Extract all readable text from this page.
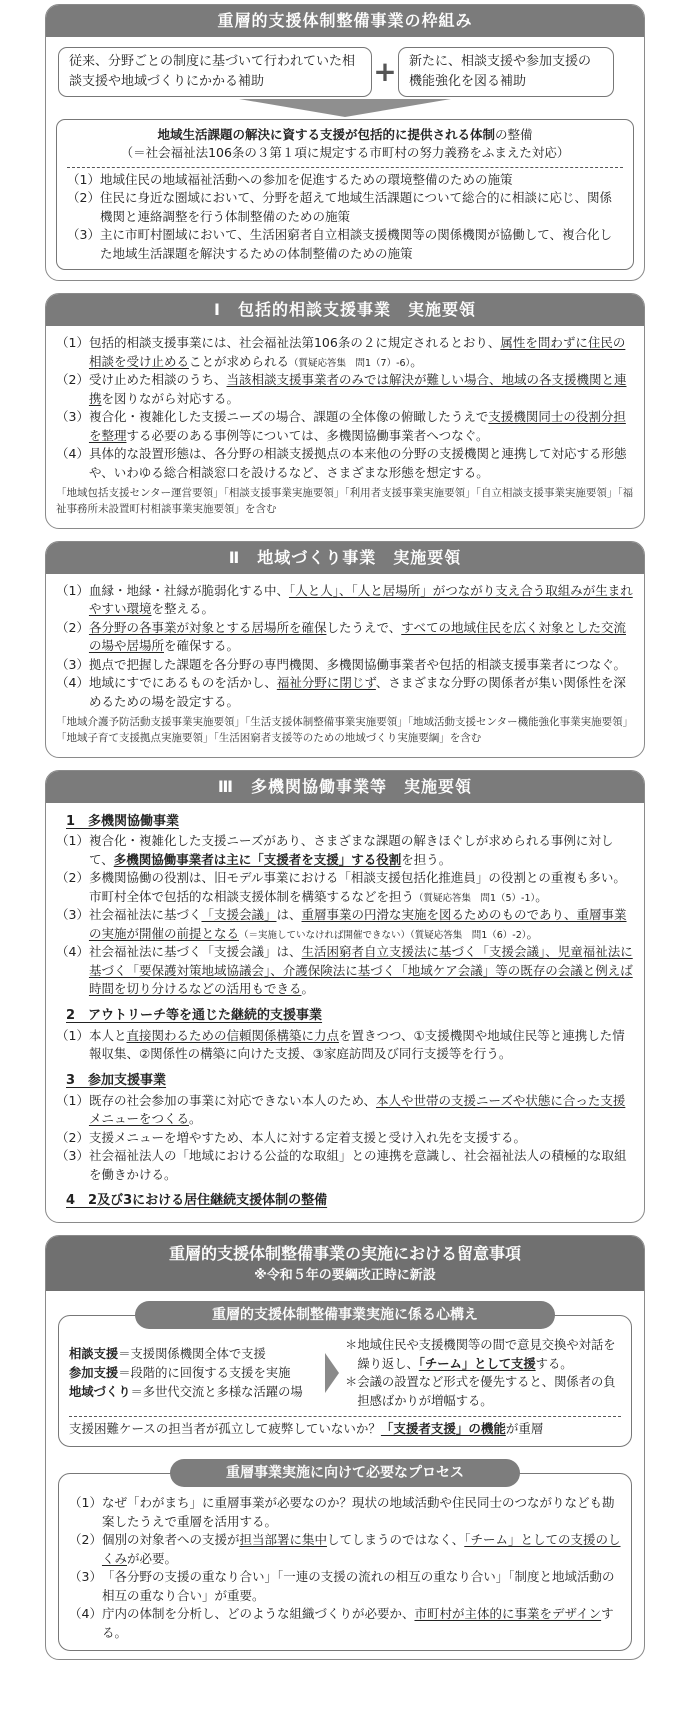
重層的支援体制整備事業の枠組み
従来、分野ごとの制度に基づいて行われていた相談支援や地域づくりにかかる補助	+ 新たに、相談支援や参加支援の機能強化を図る補助
地域生活課題の解決に資する支援が包括的に提供される体制の整備
（＝社会福祉法106条の３第１項に規定する市町村の努力義務をふまえた対応）
（1） 地域住民の地域福祉活動への参加を促進するための環境整備のための施策
（2） 住民に身近な圏域において、分野を超えて地域生活課題について総合的に相談に応じ、関係機関と連絡調整を行う体制整備のための施策
（3） 主に市町村圏域において、生活困窮者自立相談支援機関等の関係機関が協働して、複合化した地域生活課題を解決するための体制整備のための施策
Ⅰ　包括的相談支援事業　実施要領
（1） 包括的相談支援事業には、社会福祉法第106条の２に規定されるとおり、属性を問わずに住民の相談を受け止めることが求められる（質疑応答集　問1（7）-6）。
（2） 受け止めた相談のうち、当該相談支援事業者のみでは解決が難しい場合、地域の各支援機関と連携を図りながら対応する。
（3） 複合化・複雑化した支援ニーズの場合、課題の全体像の俯瞰したうえで支援機関同士の役割分担を整理する必要のある事例等については、多機関協働事業者へつなぐ。
（4） 具体的な設置形態は、各分野の相談支援拠点の本来他の分野の支援機関と連携して対応する形態や、いわゆる総合相談窓口を設けるなど、さまざまな形態を想定する。
「地域包括支援センター運営要領」「相談支援事業実施要領」「利用者支援事業実施要領」「自立相談支援事業実施要領」「福祉事務所未設置町村相談事業実施要領」を含む
Ⅱ　地域づくり事業　実施要領
（1） 血縁・地縁・社縁が脆弱化する中、「人と人」、「人と居場所」がつながり支え合う取組みが生まれやすい環境を整える。
（2） 各分野の各事業が対象とする居場所を確保したうえで、すべての地域住民を広く対象とした交流の場や居場所を確保する。
（3） 拠点で把握した課題を各分野の専門機関、多機関協働事業者や包括的相談支援事業者につなぐ。
（4） 地域にすでにあるものを活かし、福祉分野に閉じず、さまざまな分野の関係者が集い関係性を深めるための場を設定する。
「地域介護予防活動支援事業実施要領」「生活支援体制整備事業実施要領」「地域活動支援センター機能強化事業実施要領」「地域子育て支援拠点実施要領」「生活困窮者支援等のための地域づくり実施要綱」を含む
Ⅲ　多機関協働事業等　実施要領
1　多機関協働事業
（1） 複合化・複雑化した支援ニーズがあり、さまざまな課題の解きほぐしが求められる事例に対して、多機関協働事業者は主に「支援者を支援」する役割を担う。
（2） 多機関協働の役割は、旧モデル事業における「相談支援包括化推進員」の役割との重複も多い。市町村全体で包括的な相談支援体制を構築するなどを担う（質疑応答集　問1（5）-1）。
（3） 社会福祉法に基づく「支援会議」は、重層事業の円滑な実施を図るためのものであり、重層事業の実施が開催の前提となる（＝実施していなければ開催できない）（質疑応答集　問1（6）-2）。
（4） 社会福祉法に基づく「支援会議」は、生活困窮者自立支援法に基づく「支援会議」、児童福祉法に基づく「要保護対策地域協議会」、介護保険法に基づく「地域ケア会議」等の既存の会議と例えば時間を切り分けるなどの活用もできる。
2　アウトリーチ等を通じた継続的支援事業
（1） 本人と直接関わるための信頼関係構築に力点を置きつつ、①支援機関や地域住民等と連携した情報収集、②関係性の構築に向けた支援、③家庭訪問及び同行支援等を行う。
3　参加支援事業
（1） 既存の社会参加の事業に対応できない本人のため、本人や世帯の支援ニーズや状態に合った支援メニューをつくる。
（2） 支援メニューを増やすため、本人に対する定着支援と受け入れ先を支援する。
（3） 社会福祉法人の「地域における公益的な取組」との連携を意識し、社会福祉法人の積極的な取組を働きかける。
4　2及び3における居住継続支援体制の整備
重層的支援体制整備事業の実施における留意事項
※令和５年の要綱改正時に新設
重層的支援体制整備事業実施に係る心構え
相談支援＝支援関係機関全体で支援
参加支援＝段階的に回復する支援を実施
地域づくり＝多世代交流と多様な活躍の場
＊ 地域住民や支援機関等の間で意見交換や対話を繰り返し、「チーム」として支援する。
＊ 会議の設置など形式を優先すると、関係者の負担感ばかりが増幅する。
支援困難ケースの担当者が孤立して疲弊していないか？「支援者支援」の機能が重層
重層事業実施に向けて必要なプロセス
（1） なぜ「わがまち」に重層事業が必要なのか？現状の地域活動や住民同士のつながりなども勘案したうえで重層を活用する。
（2） 個別の対象者への支援が担当部署に集中してしまうのではなく、「チーム」としての支援のしくみが必要。
（3） 「各分野の支援の重なり合い」「一連の支援の流れの相互の重なり合い」「制度と地域活動の相互の重なり合い」が重要。
（4） 庁内の体制を分析し、どのような組織づくりが必要か、市町村が主体的に事業をデザインする。
